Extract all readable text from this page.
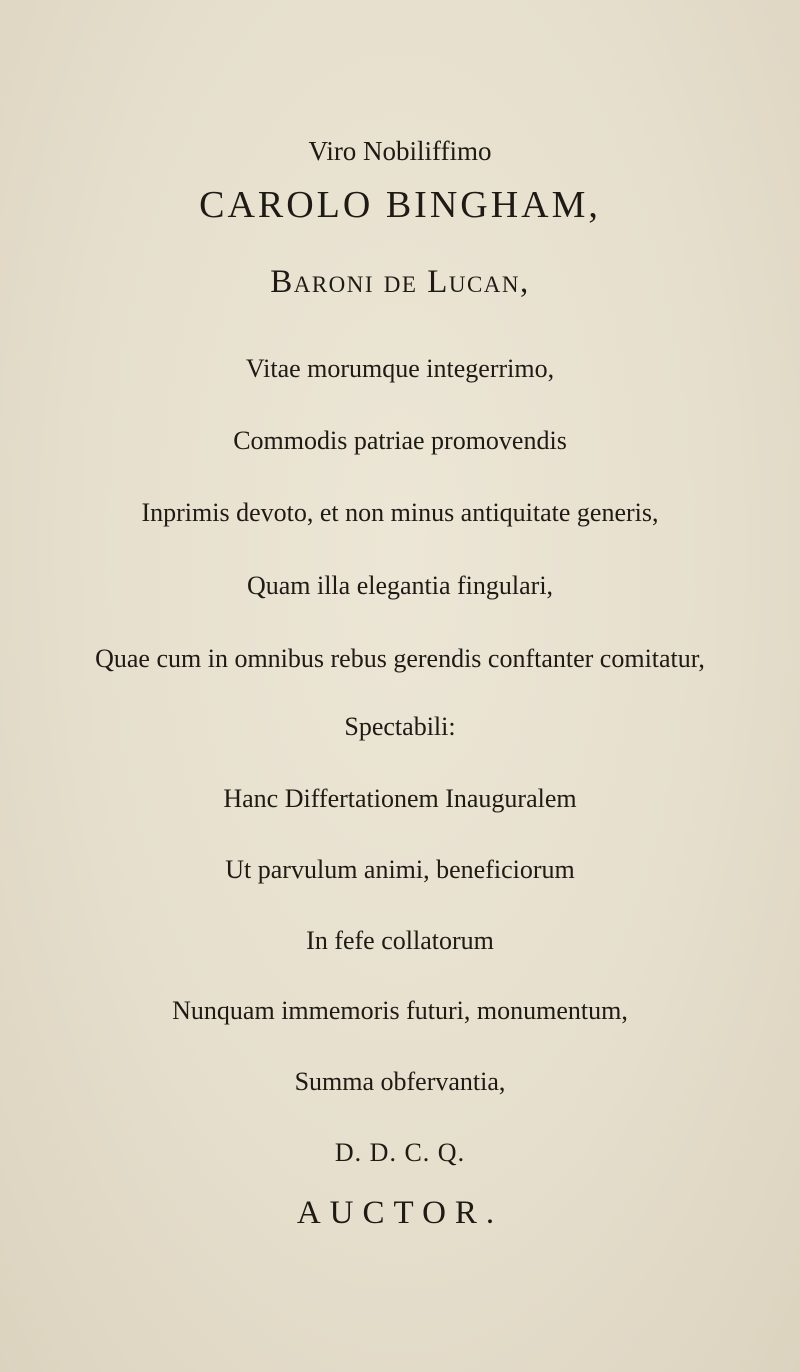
Viro Nobiliffimo
CAROLO BINGHAM,
Baroni de Lucan,
Vitae morumque integerrimo,
Commodis patriae promovendis
Inprimis devoto, et non minus antiquitate generis,
Quam illa elegantia fingulari,
Quae cum in omnibus rebus gerendis conftanter comitatur,
Spectabili:
Hanc Differtationem Inauguralem
Ut parvulum animi, beneficiorum
In fefe collatorum
Nunquam immemoris futuri, monumentum,
Summa obfervantia,
D. D. C. Q.
AUCTOR.
